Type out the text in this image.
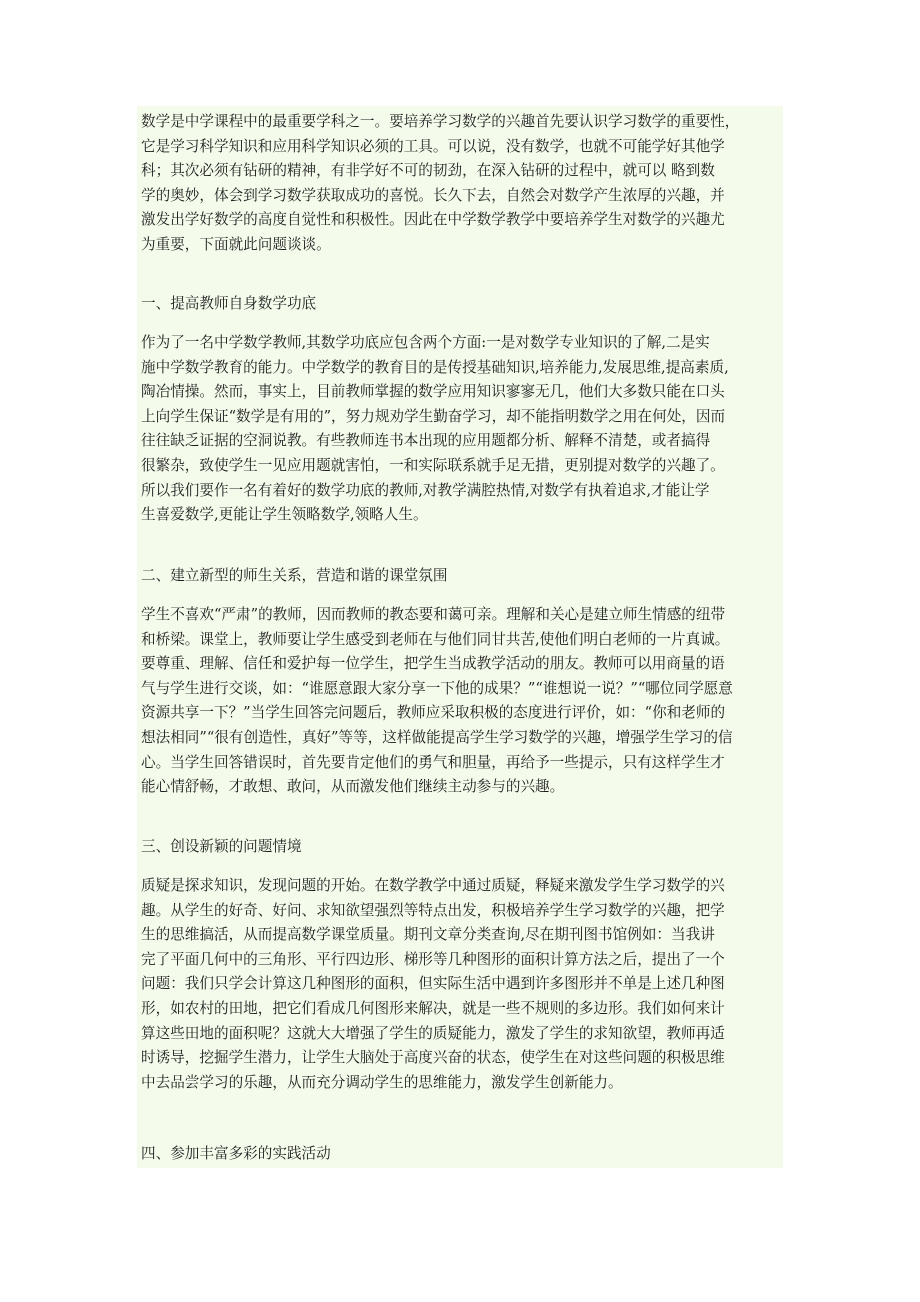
数学是中学课程中的最重要学科之一。要培养学习数学的兴趣首先要认识学习数学的重要性，
它是学习科学知识和应用科学知识必须的工具。可以说，没有数学，也就不可能学好其他学
科；其次必须有钻研的精神，有非学好不可的韧劲，在深入钻研的过程中，就可以 略到数
学的奥妙，体会到学习数学获取成功的喜悦。长久下去，自然会对数学产生浓厚的兴趣，并
激发出学好数学的高度自觉性和积极性。因此在中学数学教学中要培养学生对数学的兴趣尤
为重要，下面就此问题谈谈。

一、提高教师自身数学功底

作为了一名中学数学教师,其数学功底应包含两个方面:一是对数学专业知识的了解,二是实
施中学数学教育的能力。中学数学的教育目的是传授基础知识,培养能力,发展思维,提高素质,
陶冶情操。然而，事实上，目前教师掌握的数学应用知识寥寥无几，他们大多数只能在口头
上向学生保证“数学是有用的”，努力规劝学生勤奋学习，却不能指明数学之用在何处，因而
往往缺乏证据的空洞说教。有些教师连书本出现的应用题都分析、解释不清楚，或者搞得
很繁杂，致使学生一见应用题就害怕，一和实际联系就手足无措，更别提对数学的兴趣了。
所以我们要作一名有着好的数学功底的教师,对教学满腔热情,对数学有执着追求,才能让学
生喜爱数学,更能让学生领略数学,领略人生。

二、建立新型的师生关系，营造和谐的课堂氛围

学生不喜欢“严肃”的教师，因而教师的教态要和蔼可亲。理解和关心是建立师生情感的纽带
和桥梁。课堂上，教师要让学生感受到老师在与他们同甘共苦,使他们明白老师的一片真诚。
要尊重、理解、信任和爱护每一位学生，把学生当成教学活动的朋友。教师可以用商量的语
气与学生进行交谈，如：“谁愿意跟大家分享一下他的成果？”“谁想说一说？”“哪位同学愿意
资源共享一下？”当学生回答完问题后，教师应采取积极的态度进行评价，如：“你和老师的
想法相同”“很有创造性，真好”等等，这样做能提高学生学习数学的兴趣，增强学生学习的信
心。当学生回答错误时，首先要肯定他们的勇气和胆量，再给予一些提示，只有这样学生才
能心情舒畅，才敢想、敢问，从而激发他们继续主动参与的兴趣。

三、创设新颖的问题情境

质疑是探求知识，发现问题的开始。在数学教学中通过质疑，释疑来激发学生学习数学的兴
趣。从学生的好奇、好问、求知欲望强烈等特点出发，积极培养学生学习数学的兴趣，把学
生的思维搞活，从而提高数学课堂质量。期刊文章分类查询,尽在期刊图书馆例如：当我讲
完了平面几何中的三角形、平行四边形、梯形等几种图形的面积计算方法之后，提出了一个
问题：我们只学会计算这几种图形的面积，但实际生活中遇到许多图形并不单是上述几种图
形，如农村的田地，把它们看成几何图形来解决，就是一些不规则的多边形。我们如何来计
算这些田地的面积呢？这就大大增强了学生的质疑能力，激发了学生的求知欲望，教师再适
时诱导，挖掘学生潜力，让学生大脑处于高度兴奋的状态，使学生在对这些问题的积极思维
中去品尝学习的乐趣，从而充分调动学生的思维能力，激发学生创新能力。

四、参加丰富多彩的实践活动
